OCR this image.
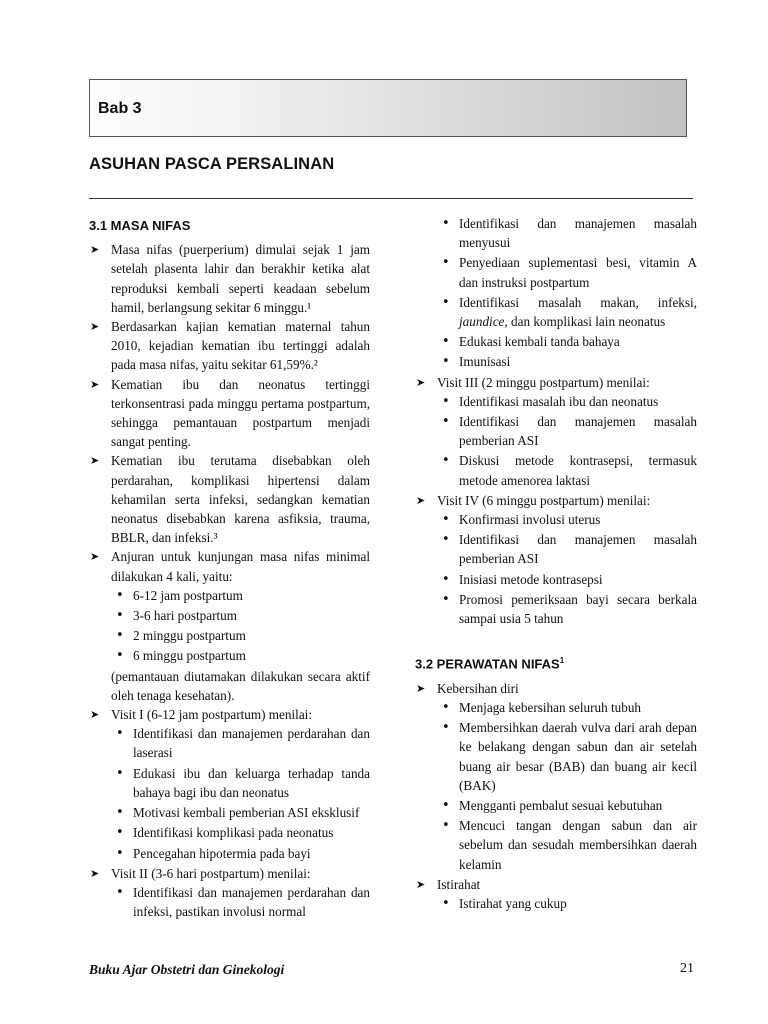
Bab 3
ASUHAN PASCA PERSALINAN
3.1 MASA NIFAS
➤ Masa nifas (puerperium) dimulai sejak 1 jam setelah plasenta lahir dan berakhir ketika alat reproduksi kembali seperti keadaan sebelum hamil, berlangsung sekitar 6 minggu.¹
➤ Berdasarkan kajian kematian maternal tahun 2010, kejadian kematian ibu tertinggi adalah pada masa nifas, yaitu sekitar 61,59%.²
➤ Kematian ibu dan neonatus tertinggi terkonsentrasi pada minggu pertama postpartum, sehingga pemantauan postpartum menjadi sangat penting.
➤ Kematian ibu terutama disebabkan oleh perdarahan, komplikasi hipertensi dalam kehamilan serta infeksi, sedangkan kematian neonatus disebabkan karena asfiksia, trauma, BBLR, dan infeksi.³
➤ Anjuran untuk kunjungan masa nifas minimal dilakukan 4 kali, yaitu:
• 6-12 jam postpartum
• 3-6 hari postpartum
• 2 minggu postpartum
• 6 minggu postpartum
(pemantauan diutamakan dilakukan secara aktif oleh tenaga kesehatan).
➤ Visit I (6-12 jam postpartum) menilai:
• Identifikasi dan manajemen perdarahan dan laserasi
• Edukasi ibu dan keluarga terhadap tanda bahaya bagi ibu dan neonatus
• Motivasi kembali pemberian ASI eksklusif
• Identifikasi komplikasi pada neonatus
• Pencegahan hipotermia pada bayi
➤ Visit II (3-6 hari postpartum) menilai:
• Identifikasi dan manajemen perdarahan dan infeksi, pastikan involusi normal
• Identifikasi dan manajemen masalah menyusui
• Penyediaan suplementasi besi, vitamin A dan instruksi postpartum
• Identifikasi masalah makan, infeksi, jaundice, dan komplikasi lain neonatus
• Edukasi kembali tanda bahaya
• Imunisasi
➤ Visit III (2 minggu postpartum) menilai:
• Identifikasi masalah ibu dan neonatus
• Identifikasi dan manajemen masalah pemberian ASI
• Diskusi metode kontrasepsi, termasuk metode amenorea laktasi
➤ Visit IV (6 minggu postpartum) menilai:
• Konfirmasi involusi uterus
• Identifikasi dan manajemen masalah pemberian ASI
• Inisiasi metode kontrasepsi
• Promosi pemeriksaan bayi secara berkala sampai usia 5 tahun
3.2 PERAWATAN NIFAS$^1$
➤ Kebersihan diri
• Menjaga kebersihan seluruh tubuh
• Membersihkan daerah vulva dari arah depan ke belakang dengan sabun dan air setelah buang air besar (BAB) dan buang air kecil (BAK)
• Mengganti pembalut sesuai kebutuhan
• Mencuci tangan dengan sabun dan air sebelum dan sesudah membersihkan daerah kelamin
➤ Istirahat
• Istirahat yang cukup
Buku Ajar Obstetri dan Ginekologi	21
